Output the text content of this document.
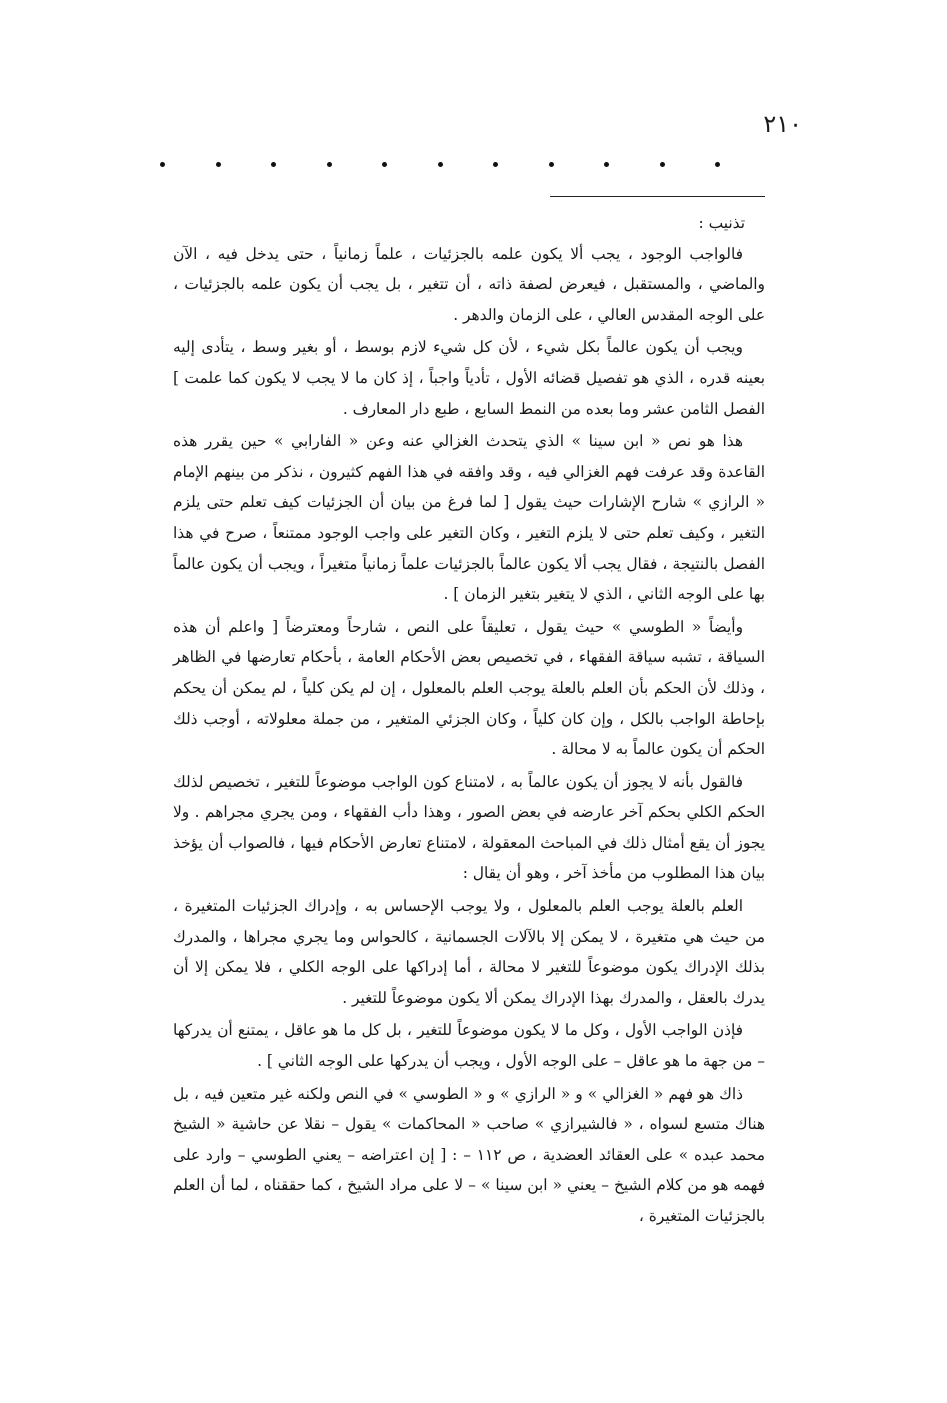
٢١٠

تذنيب :

فالواجب الوجود ، يجب ألا يكون علمه بالجزئيات ، علماً زمانياً ، حتى يدخل فيه ، الآن والماضي ، والمستقبل ، فيعرض لصفة ذاته ، أن تتغير ، بل يجب أن يكون علمه بالجزئيات ، على الوجه المقدس العالي ، على الزمان والدهر .

ويجب أن يكون عالماً بكل شيء ، لأن كل شيء لازم بوسط ، أو بغير وسط ، يتأدى إليه بعينه قدره ، الذي هو تفصيل قضائه الأول ، تأدياً واجباً ، إذ كان ما لا يجب لا يكون كما علمت ] الفصل الثامن عشر وما بعده من النمط السابع ، طبع دار المعارف .

هذا هو نص « ابن سينا » الذي يتحدث الغزالي عنه وعن « الفارابي » حين يقرر هذه القاعدة وقد عرفت فهم الغزالي فيه ، وقد وافقه في هذا الفهم كثيرون ، نذكر من بينهم الإمام « الرازي » شارح الإشارات حيث يقول [ لما فرغ من بيان أن الجزئيات كيف تعلم حتى يلزم التغير ، وكيف تعلم حتى لا يلزم التغير ، وكان التغير على واجب الوجود ممتنعاً ، صرح في هذا الفصل بالنتيجة ، فقال يجب ألا يكون عالماً بالجزئيات علماً زمانياً متغيراً ، ويجب أن يكون عالماً بها على الوجه الثاني ، الذي لا يتغير بتغير الزمان ] .

وأيضاً « الطوسي » حيث يقول ، تعليقاً على النص ، شارحاً ومعترضاً [ واعلم أن هذه السياقة ، تشبه سياقة الفقهاء ، في تخصيص بعض الأحكام العامة ، بأحكام تعارضها في الظاهر ، وذلك لأن الحكم بأن العلم بالعلة يوجب العلم بالمعلول ، إن لم يكن كلياً ، لم يمكن أن يحكم بإحاطة الواجب بالكل ، وإن كان كلياً ، وكان الجزئي المتغير ، من جملة معلولاته ، أوجب ذلك الحكم أن يكون عالماً به لا محالة .

فالقول بأنه لا يجوز أن يكون عالماً به ، لامتناع كون الواجب موضوعاً للتغير ، تخصيص لذلك الحكم الكلي بحكم آخر عارضه في بعض الصور ، وهذا دأب الفقهاء ، ومن يجري مجراهم . ولا يجوز أن يقع أمثال ذلك في المباحث المعقولة ، لامتناع تعارض الأحكام فيها ، فالصواب أن يؤخذ بيان هذا المطلوب من مأخذ آخر ، وهو أن يقال :

العلم بالعلة يوجب العلم بالمعلول ، ولا يوجب الإحساس به ، وإدراك الجزئيات المتغيرة ، من حيث هي متغيرة ، لا يمكن إلا بالآلات الجسمانية ، كالحواس وما يجري مجراها ، والمدرك بذلك الإدراك يكون موضوعاً للتغير لا محالة ، أما إدراكها على الوجه الكلي ، فلا يمكن إلا أن يدرك بالعقل ، والمدرك بهذا الإدراك يمكن ألا يكون موضوعاً للتغير .

فإذن الواجب الأول ، وكل ما لا يكون موضوعاً للتغير ، بل كل ما هو عاقل ، يمتنع أن يدركها – من جهة ما هو عاقل – على الوجه الأول ، ويجب أن يدركها على الوجه الثاني ] .

ذاك هو فهم « الغزالي » و « الرازي » و « الطوسي » في النص ولكنه غير متعين فيه ، بل هناك متسع لسواه ، « فالشيرازي » صاحب « المحاكمات » يقول – نقلا عن حاشية « الشيخ محمد عبده » على العقائد العضدية ، ص ١١٢ – : [ إن اعتراضه – يعني الطوسي – وارد على فهمه هو من كلام الشيخ – يعني « ابن سينا » – لا على مراد الشيخ ، كما حققناه ، لما أن العلم بالجزئيات المتغيرة ،
